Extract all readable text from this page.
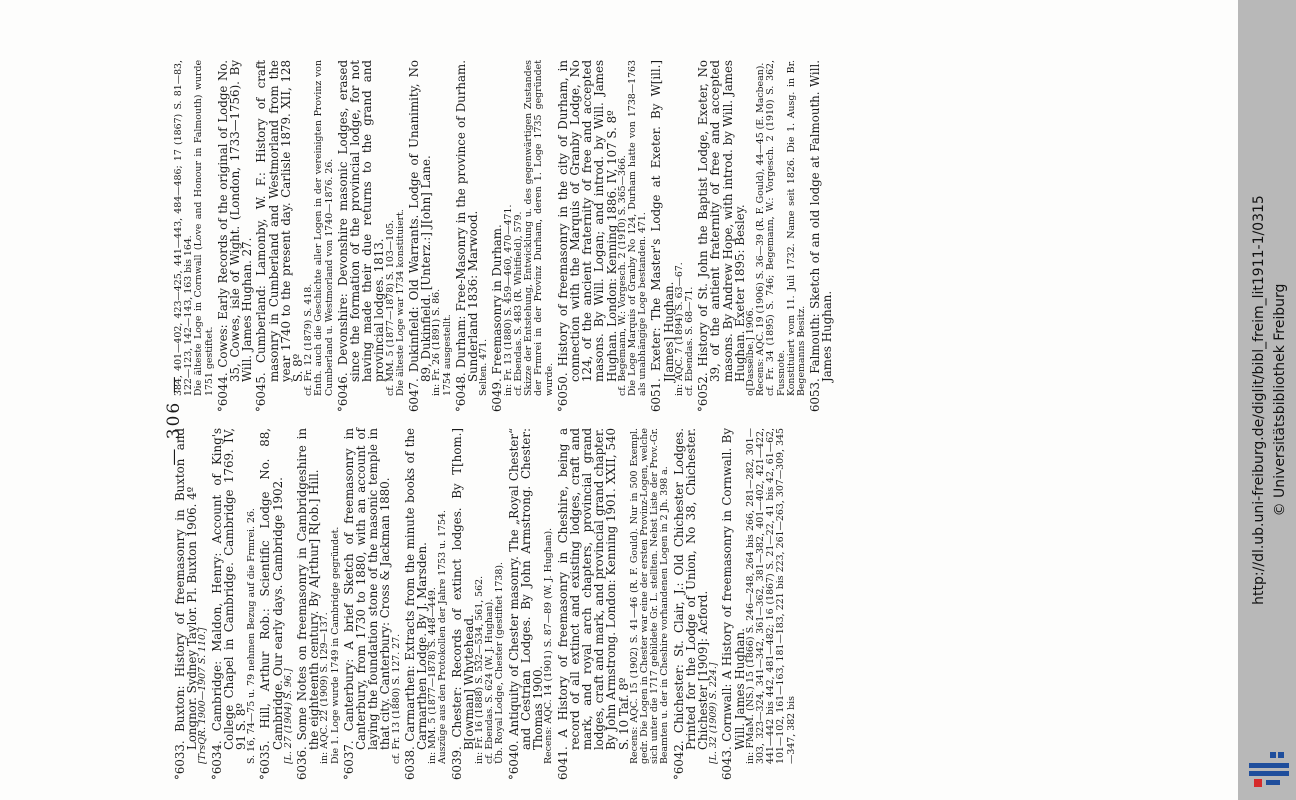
— 306 —
°6033. Buxton: History of freemasonry in Buxton and Longnor. Sydney Taylor. Pl. Buxton 1906. 4º
[TrsQR. 1900—1907 S. 110.] °6034. Cambridge: Maldon, Henry: Account of King's College Chapel in Cambridge. Cambridge 1769. IV, 91 S. 8º
S. 16, 74—75 u. 79 nehmen Bezug auf die Frmrei. 26. °6035. Hill, Arthur Rob.: Scientific Lodge No. 88, Cambridge. Our early days. Cambridge 1902.
[L. 27 (1904) S. 96.] 6036. Some Notes on freemasonry in Cambridgeshire in the eighteenth century. By A[rthur] R[ob.] Hill.
in: AQC. 22 (1909) S. 129—137. Die 1. Loge wurde 1749 in Cambridge gegründet. °6037. Canterbury: A brief Sketch of freemasonry in Canterbury, from 1730 to 1880, with an account of laying the foundation stone of the masonic temple in that city. Canterbury: Cross & Jackman 1880.
cf. Fr. 13 (1880) S. 127. 27. 6038. Carmarthen: Extracts from the minute books of the Carmarthen Lodge. By J. Marsden.
in: MM. 5 (1877—1878) S. 448—449. Auszüge aus den Protokollen der Jahre 1753 u. 1754. 6039. Chester: Records of extinct lodges. By T[hom.] B[owman] Whytehead.
in: Fr. 16 (1888) S. 532—534, 561, 562. cf. Ebendas. S. 624 (W. J. Hughan). Üb. Royal Lodge, Chester (gestiftet 1738). °6040. Antiquity of Chester masonry. The „Royal Chester“ and Cestrian Lodges. By John Armstrong. Chester: Thomas 1900.
Recens: AQC. 14 (1901) S. 87—89 (W. J. Hughan). 6041. A History of freemasonry in Cheshire, being a record of all extinct and existing lodges, craft and mark, and royal arch chapters, provincial grand lodges, craft and mark, and provincial grand chapter. By John Armstrong. London: Kenning 1901. XXII, 540 S. 10 Taf. 8º
Recens: AQC. 15 (1902) S. 41—46 (R. F. Gould). Nur in 500 Exempl. gedr. Die Logen in Chester war eine der ersten Provinz-Logen, welche sich unter die 1717 gebildete Gr. L. stellten. Nebst Liste der Prov.-Gr. Beamten u. der in Cheshire vorhandenen Logen in 2 Jh. 398 a. °6042. Chichester: St. Clair, J.: Old Chichester Lodges. Printed for the Lodge of Union, No 38, Chichester. Chichester [1909]: Acford.
[L. 32 (1909) S. 224.] 6043. Cornwall: A History of freemasonry in Cornwall. By Will. James Hughan.
in: FMaM. (NS.) 15 (1866) S. 246—248, 264 bis 266, 281—282, 301—303, 323—324, 341—342, 361—362, 381—382, 401—402, 421—422, 441—442 bis 442, 481—482; 16 (1867) S. 21—22, 41 bis 42, 61—62, 101—102, 161—163, 181—183, 221 bis 223, 261—263, 307—309, 345—347, 382 bis
384, 401—402, 423—425, 441—443, 484—486; 17 (1867) S. 81—83, 122—123, 142—143, 163 bis 164. Die älteste Loge in Cornwall (Love and Honour in Falmouth) wurde 1751 gestiftet. °6044. Cowes: Early Records of the original of Lodge No. 35, Cowes, isle of Wight. (London, 1733—1756). By Will. James Hughan. 27. °6045. Cumberland: Lamonby, W. F.: History of craft masonry in Cumberland and Westmorland from the year 1740 to the present day. Carlisle 1879. XII, 128 S. 8º
cf. Fr. 12 (1879) S. 418. Enth. auch die Geschichte aller Logen in der vereinigten Provinz von Cumberland u. Westmorland von 1740—1876. 26. °6046. Devonshire: Devonshire masonic Lodges, erased since the formation of the provincial lodge, for not having made their due returns to the grand and provincial lodges. 1813.
cf. MM. 5 (1877—1878) S. 103—105. Die älteste Loge war 1734 konstituiert. 6047. Dukinfield: Old Warrants. Lodge of Unanimity, No 89, Dukinfield. [Unterz.:] J[ohn] Lane.
in: Fr. 26 (1891) S. 86. 1754 ausgestellt. °6048. Durham: Free-Masonry in the province of Durham. Sunderland 1836: Marwood.
Selten. 471. 6049. Freemasonry in Durham.
in: Fr. 13 (1880) S. 459—460, 470—471. cf. Ebendas. S. 483 (R. Whitfield), 579. Skizze der Entstehung, Entwicklung u. des gegenwärtigen Zustandes der Frmrei in der Provinz Durham, deren 1. Loge 1735 gegründet wurde. °6050. History of freemasonry in the city of Durham, in connection with the Marquis of Granby Lodge, No 124, of the ancient fraternity of free and accepted masons. By Will. Logan; and introd. by Will. James Hughan. London: Kenning 1886. IV, 107 S. 8º
cf. Begemann, W.: Vorgesch. 2 (1910) S. 365—366. Die Loge Marquis of Granby No 124, Durham hatte von 1738—1763 als unabhängige Loge bestanden. 471. 6051. Exeter: The Master's Lodge at Exeter. By W[ill.] J[ames] Hughan.
in: AQC. 7 (1894) S. 63—67. cf. Ebendas. S. 68—71. °6052. History of St. John the Baptist Lodge, Exeter, No 39, of the antient fraternity of free and accepted masons. By Andrew Hope, with introd. by Will. James Hughan. Exeter 1895: Besley.
o[Dasselbe.] 1906. Recens: AQC. 19 (1906) S. 36—39 (R. F. Gould), 44—45 (E. Macbean). cf. Fr. 34 (1895) S. 746; Begemann, W.: Vorgesch. 2 (1910) S. 362, Fussnote. Konstituiert vom 11. Juli 1732. Name seit 1826. Die 1. Ausg. in Br. Begemanns Besitz. 6053. Falmouth: Sketch of an old lodge at Falmouth. Will. James Hughan.	http://dl.ub.uni-freiburg.de/diglit/bibl_freim_lit1911-1/0315 © Universitätsbibliothek Freiburg
